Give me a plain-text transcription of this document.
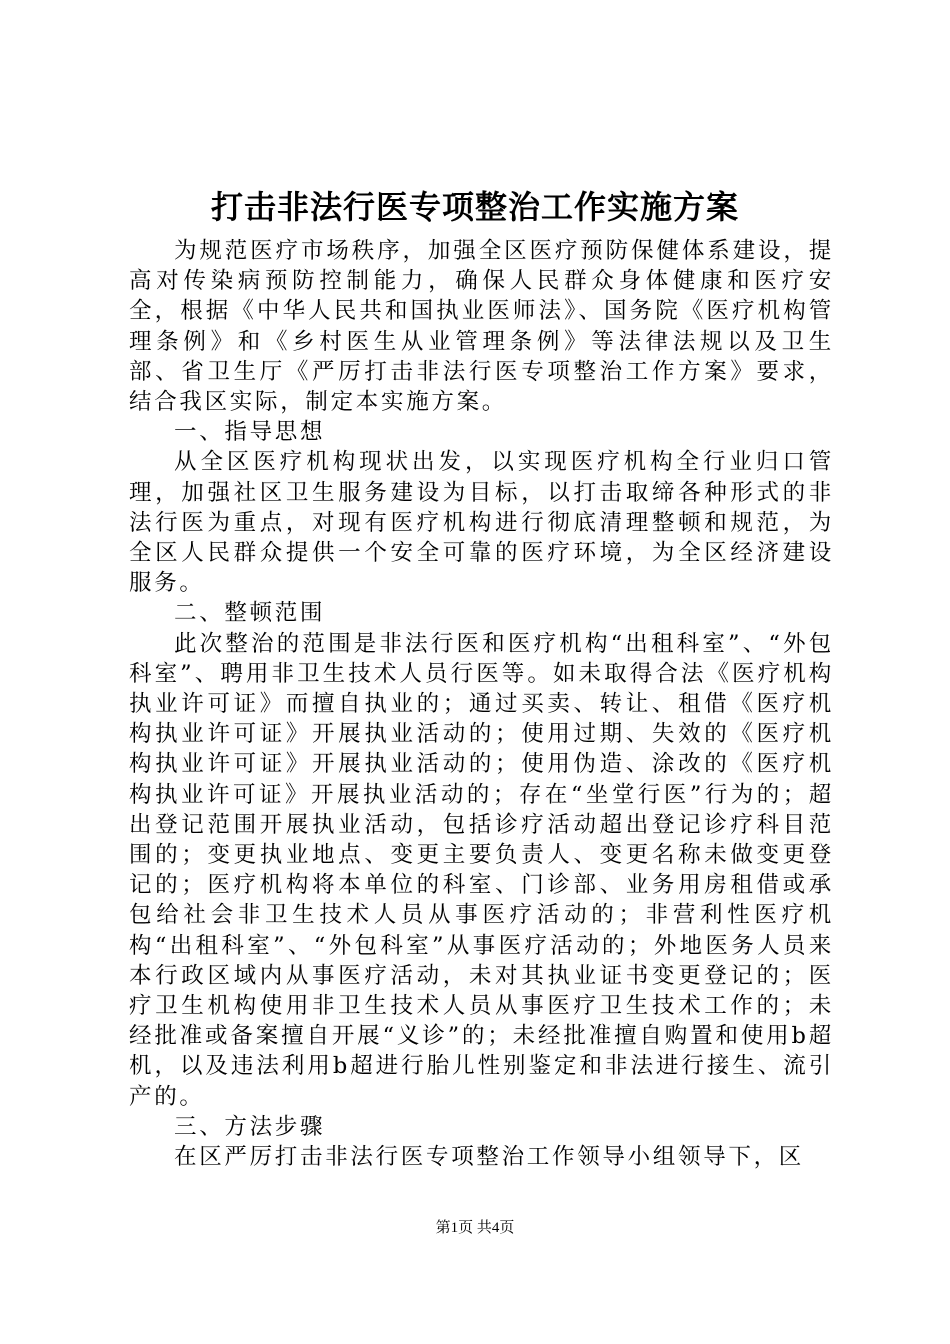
打击非法行医专项整治工作实施方案

为规范医疗市场秩序，加强全区医疗预防保健体系建设，提高对传染病预防控制能力，确保人民群众身体健康和医疗安全，根据《中华人民共和国执业医师法》、国务院《医疗机构管理条例》和《乡村医生从业管理条例》等法律法规以及卫生部、省卫生厅《严厉打击非法行医专项整治工作方案》要求，结合我区实际，制定本实施方案。

一、指导思想

从全区医疗机构现状出发，以实现医疗机构全行业归口管理，加强社区卫生服务建设为目标，以打击取缔各种形式的非法行医为重点，对现有医疗机构进行彻底清理整顿和规范，为全区人民群众提供一个安全可靠的医疗环境，为全区经济建设服务。

二、整顿范围

此次整治的范围是非法行医和医疗机构“出租科室”、“外包科室”、聘用非卫生技术人员行医等。如未取得合法《医疗机构执业许可证》而擅自执业的；通过买卖、转让、租借《医疗机构执业许可证》开展执业活动的；使用过期、失效的《医疗机构执业许可证》开展执业活动的；使用伪造、涂改的《医疗机构执业许可证》开展执业活动的；存在“坐堂行医”行为的；超出登记范围开展执业活动，包括诊疗活动超出登记诊疗科目范围的；变更执业地点、变更主要负责人、变更名称未做变更登记的；医疗机构将本单位的科室、门诊部、业务用房租借或承包给社会非卫生技术人员从事医疗活动的；非营利性医疗机构“出租科室”、“外包科室”从事医疗活动的；外地医务人员来本行政区域内从事医疗活动，未对其执业证书变更登记的；医疗卫生机构使用非卫生技术人员从事医疗卫生技术工作的；未经批准或备案擅自开展“义诊”的；未经批准擅自购置和使用b超机，以及违法利用b超进行胎儿性别鉴定和非法进行接生、流引产的。

三、方法步骤

在区严厉打击非法行医专项整治工作领导小组领导下，区

第1页 共4页
